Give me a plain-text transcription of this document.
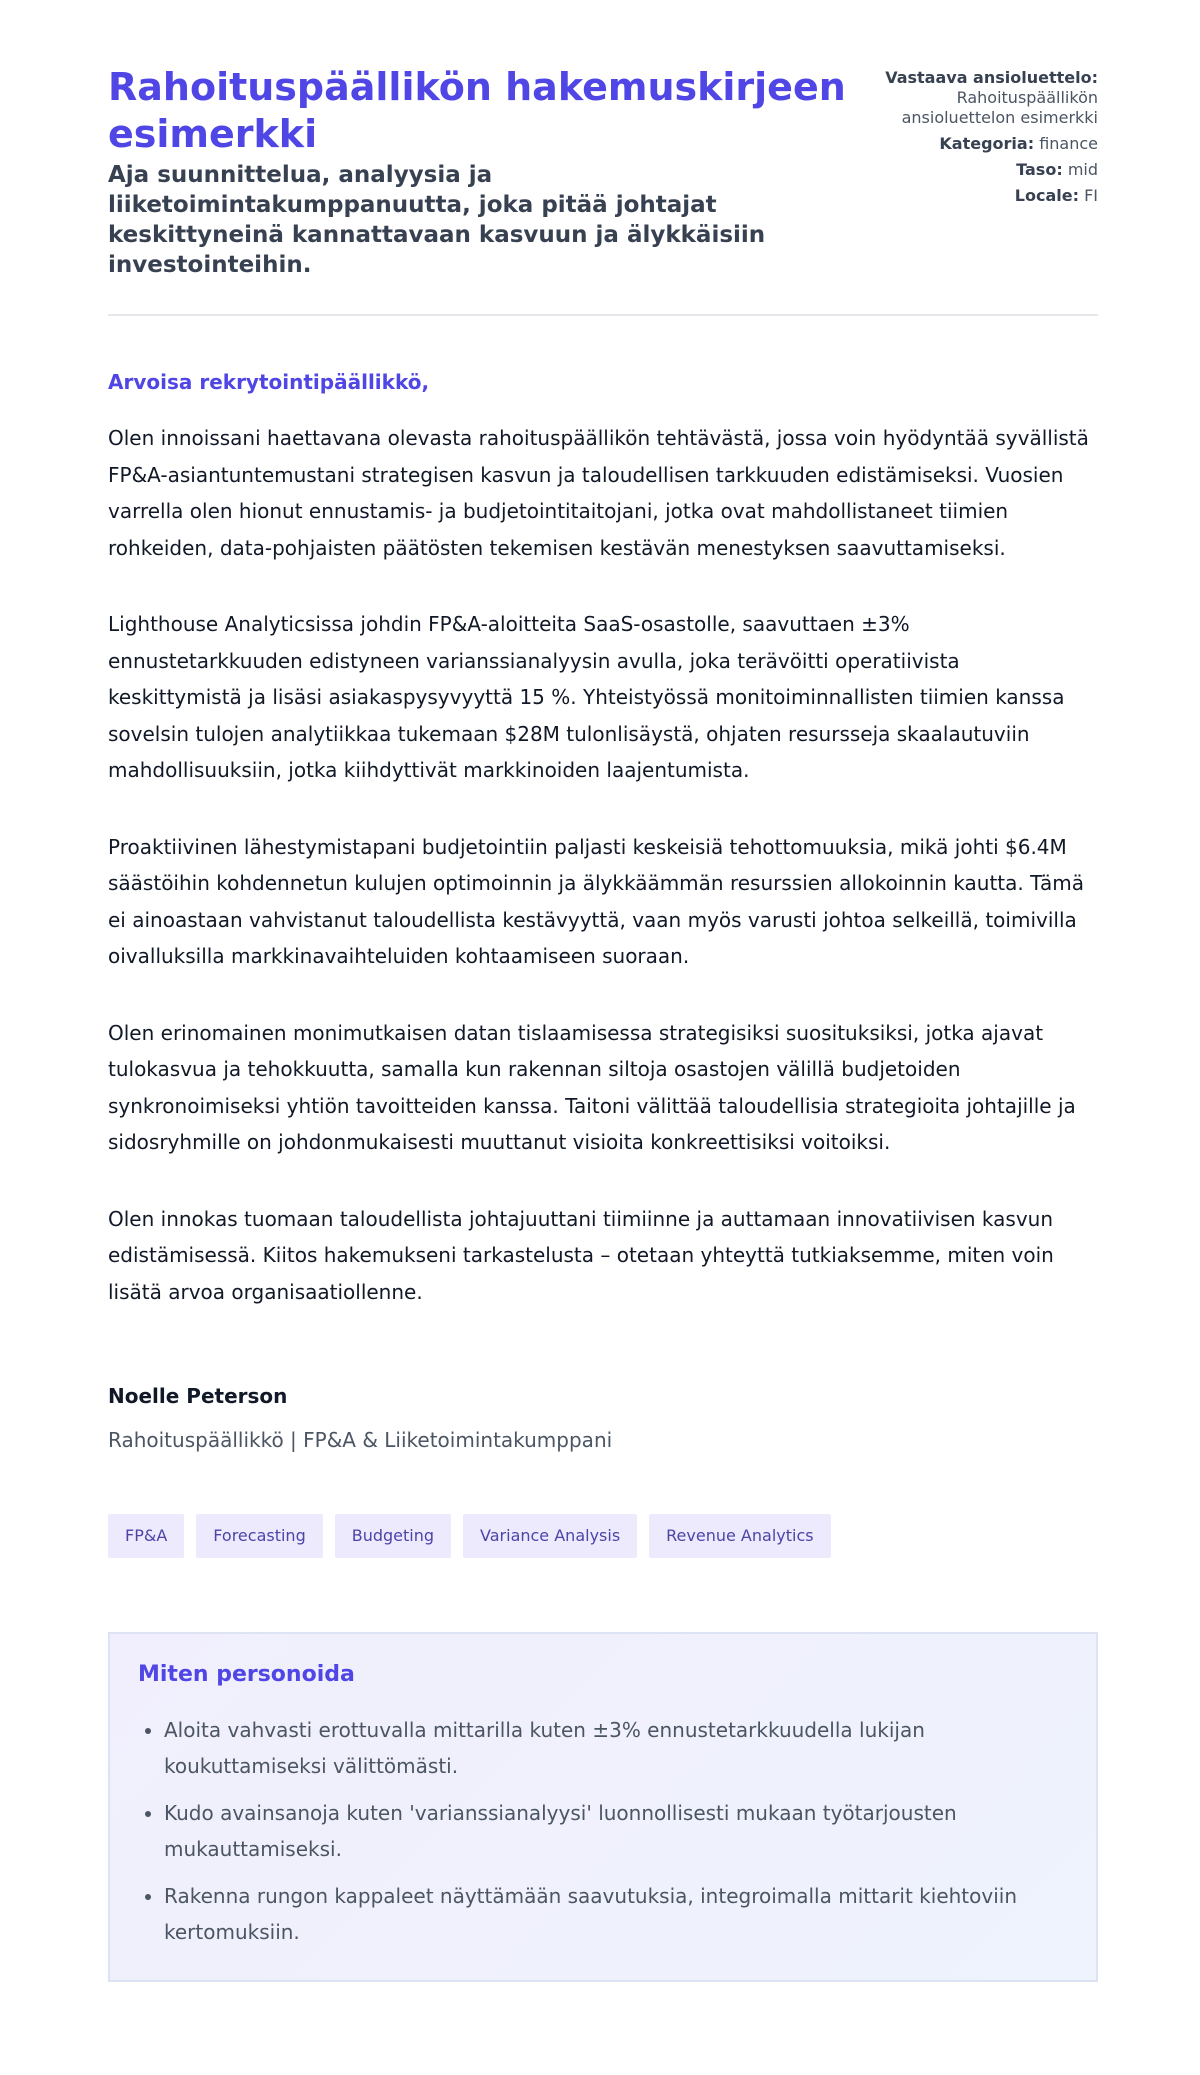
Rahoituspäällikön hakemuskirjeen esimerkki
Aja suunnittelua, analyysia ja liiketoimintakumppanuutta, joka pitää johtajat keskittyneinä kannattavaan kasvuun ja älykkäisiin investointeihin.
Vastaava ansioluettelo:
Rahoituspäällikön ansioluettelon esimerkki
Kategoria: finance
Taso: mid
Locale: FI

Arvoisa rekrytointipäällikkö,

Olen innoissani haettavana olevasta rahoituspäällikön tehtävästä, jossa voin hyödyntää syvällistä FP&A-asiantuntemustani strategisen kasvun ja taloudellisen tarkkuuden edistämiseksi. Vuosien varrella olen hionut ennustamis- ja budjetointitaitojani, jotka ovat mahdollistaneet tiimien rohkeiden, data-pohjaisten päätösten tekemisen kestävän menestyksen saavuttamiseksi.

Lighthouse Analyticsissa johdin FP&A-aloitteita SaaS-osastolle, saavuttaen ±3% ennustetarkkuuden edistyneen varianssianalyysin avulla, joka terävöitti operatiivista keskittymistä ja lisäsi asiakaspysyvyyttä 15 %. Yhteistyössä monitoiminnallisten tiimien kanssa sovelsin tulojen analytiikkaa tukemaan $28M tulonlisäystä, ohjaten resursseja skaalautuviin mahdollisuuksiin, jotka kiihdyttivät markkinoiden laajentumista.

Proaktiivinen lähestymistapani budjetointiin paljasti keskeisiä tehottomuuksia, mikä johti $6.4M säästöihin kohdennetun kulujen optimoinnin ja älykkäämmän resurssien allokoinnin kautta. Tämä ei ainoastaan vahvistanut taloudellista kestävyyttä, vaan myös varusti johtoa selkeillä, toimivilla oivalluksilla markkinavaihteluiden kohtaamiseen suoraan.

Olen erinomainen monimutkaisen datan tislaamisessa strategisiksi suosituksiksi, jotka ajavat tulokasvua ja tehokkuutta, samalla kun rakennan siltoja osastojen välillä budjetoiden synkronoimiseksi yhtiön tavoitteiden kanssa. Taitoni välittää taloudellisia strategioita johtajille ja sidosryhmille on johdonmukaisesti muuttanut visioita konkreettisiksi voitoiksi.

Olen innokas tuomaan taloudellista johtajuuttani tiimiinne ja auttamaan innovatiivisen kasvun edistämisessä. Kiitos hakemukseni tarkastelusta – otetaan yhteyttä tutkiaksemme, miten voin lisätä arvoa organisaatiollenne.

Noelle Peterson
Rahoituspäällikkö | FP&A & Liiketoimintakumppani
FP&A	Forecasting	Budgeting	Variance Analysis	Revenue Analytics
Miten personoida
• Aloita vahvasti erottuvalla mittarilla kuten ±3% ennustetarkkuudella lukijan koukuttamiseksi välittömästi.
• Kudo avainsanoja kuten 'varianssianalyysi' luonnollisesti mukaan työtarjousten mukauttamiseksi.
• Rakenna rungon kappaleet näyttämään saavutuksia, integroimalla mittarit kiehtoviin kertomuksiin.
